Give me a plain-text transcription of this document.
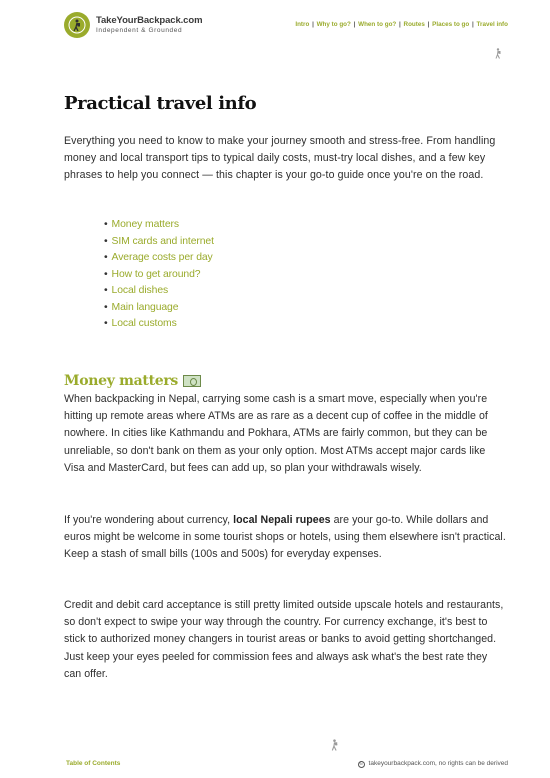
TakeYourBackpack.com
Independent & Grounded
Intro | Why to go? | When to go? | Routes | Places to go | Travel info
Practical travel info

Everything you need to know to make your journey smooth and stress-free. From handling money and local transport tips to typical daily costs, must-try local dishes, and a few key phrases to help you connect — this chapter is your go-to guide once you're on the road.

• Money matters
• SIM cards and internet
• Average costs per day
• How to get around?
• Local dishes
• Main language
• Local customs
Money matters

When backpacking in Nepal, carrying some cash is a smart move, especially when you're hitting up remote areas where ATMs are as rare as a decent cup of coffee in the middle of nowhere. In cities like Kathmandu and Pokhara, ATMs are fairly common, but they can be unreliable, so don't bank on them as your only option. Most ATMs accept major cards like Visa and MasterCard, but fees can add up, so plan your withdrawals wisely.

If you're wondering about currency, local Nepali rupees are your go-to. While dollars and euros might be welcome in some tourist shops or hotels, using them elsewhere isn't practical. Keep a stash of small bills (100s and 500s) for everyday expenses.

Credit and debit card acceptance is still pretty limited outside upscale hotels and restaurants, so don't expect to swipe your way through the country. For currency exchange, it's best to stick to authorized money changers in tourist areas or banks to avoid getting shortchanged. Just keep your eyes peeled for commission fees and always ask what's the best rate they can offer.

Table of Contents	© takeyourbackpack.com, no rights can be derived
